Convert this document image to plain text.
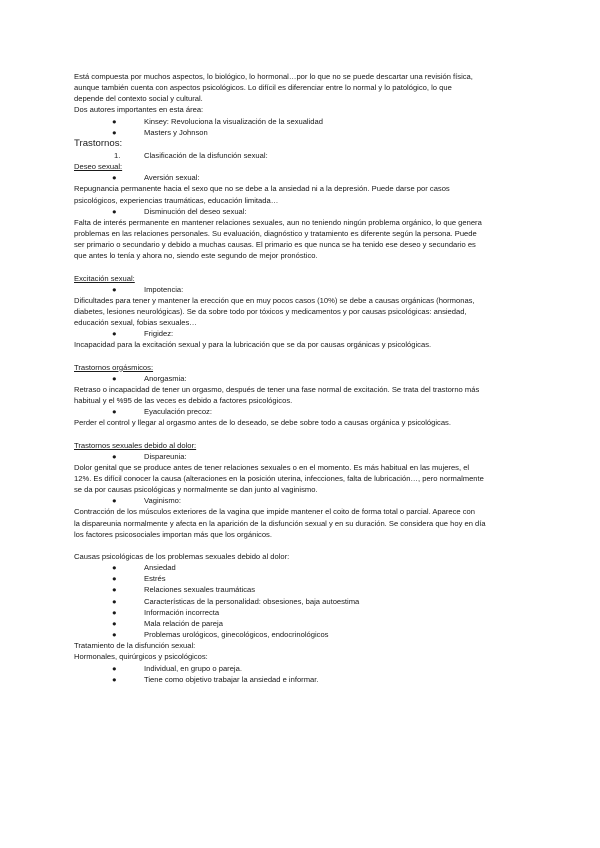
Está compuesta por muchos aspectos, lo biológico, lo hormonal…por lo que no se puede descartar una revisión física,

aunque también cuenta con aspectos psicológicos. Lo difícil es diferenciar entre lo normal y lo patológico, lo que

depende del contexto social y cultural.

Dos autores importantes en esta área:

●	Kinsey: Revoluciona la visualización de la sexualidad

●	Masters y Johnson

Trastornos:

1.	Clasificación de la disfunción sexual:

Deseo sexual:

●	Aversión sexual:

Repugnancia permanente hacia el sexo que no se debe a la ansiedad ni a la depresión. Puede darse por casos

psicológicos, experiencias traumáticas, educación limitada…

●	Disminución del deseo sexual:

Falta de interés permanente en mantener relaciones sexuales, aun no teniendo ningún problema orgánico, lo que genera

problemas en las relaciones personales. Su evaluación, diagnóstico y tratamiento es diferente según la persona. Puede

ser primario o secundario y debido a muchas causas. El primario es que nunca se ha tenido ese deseo y secundario es

que antes lo tenía y ahora no, siendo este segundo de mejor pronóstico.

Excitación sexual:

●	Impotencia:

Dificultades para tener y mantener la erección que en muy pocos casos (10%) se debe a causas orgánicas (hormonas,

diabetes, lesiones neurológicas). Se da sobre todo por tóxicos y medicamentos y por causas psicológicas: ansiedad,

educación sexual, fobias sexuales…

●	Frigidez:

Incapacidad para la excitación sexual y para la lubricación que se da por causas orgánicas y psicológicas.

Trastornos orgásmicos:

●	Anorgasmia:

Retraso o incapacidad de tener un orgasmo, después de tener una fase normal de excitación. Se trata del trastorno más

habitual y el %95 de las veces es debido a factores psicológicos.

●	Eyaculación precoz:

Perder el control y llegar al orgasmo antes de lo deseado, se debe sobre todo a causas orgánica y psicológicas.

Trastornos sexuales debido al dolor:

●	Dispareunia:

Dolor genital que se produce antes de tener relaciones sexuales o en el momento. Es más habitual en las mujeres, el

12%. Es difícil conocer la causa (alteraciones en la posición uterina, infecciones, falta de lubricación…, pero normalmente

se da por causas psicológicas y normalmente se dan junto al vaginismo.

●	Vaginismo:

Contracción de los músculos exteriores de la vagina que impide mantener el coito de forma total o parcial. Aparece con

la dispareunia normalmente y afecta en la aparición de la disfunción sexual y en su duración. Se considera que hoy en día

los factores psicosociales importan más que los orgánicos.

Causas psicológicas de los problemas sexuales debido al dolor:

●	Ansiedad

●	Estrés

●	Relaciones sexuales traumáticas

●	Características de la personalidad: obsesiones, baja autoestima

●	Información incorrecta

●	Mala relación de pareja

●	Problemas urológicos, ginecológicos, endocrinológicos

Tratamiento de la disfunción sexual:

Hormonales, quirúrgicos y psicológicos:

●	Individual, en grupo o pareja.

●	Tiene como objetivo trabajar la ansiedad e informar.
